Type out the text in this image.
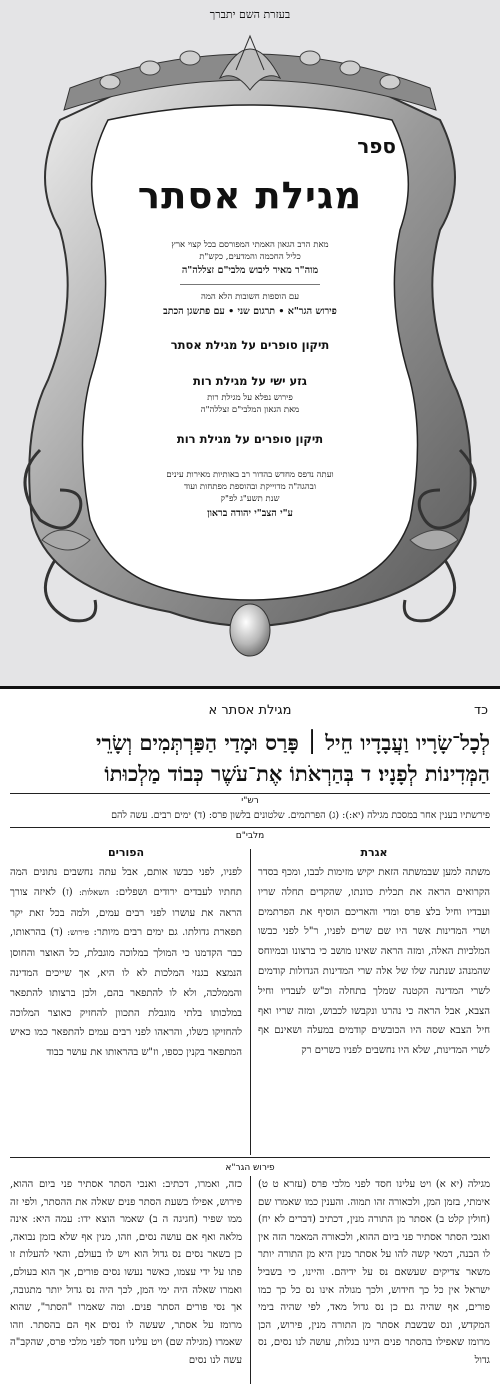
בעזרת השם יתברך
ספר
מגילת אסתר
מאת הרב הגאון האמתי המפורסם בכל קצוי ארץ
כליל החכמה והמדעים, כקש"ת
מוה"ר מאיר ליבוש מלבי"ם זצללה"ה
עם הוספות חשובות הלא המה
פירוש הגר"א • תרגום שני • עם פתשגן הכתב
תיקון סופרים על מגילת אסתר
גזע ישי על מגילת רות
פירוש נפלא על מגילת רות
מאת הגאון המלבי"ם זצללה"ה
תיקון סופרים על מגילת רות
ועתה נדפס מחדש בהדור רב באותיות מאירות עינים
ובהגה"ה מדוייקת ובהוספת מפתחות ועוד
שנת תשע"ג לפ"ק
ע"י הצב"י יהודה בראון
כד
מגילת אסתר א
לְכָל־שָׂרָיו וַעֲבָדָיו חֵיל ׀ פָּרַס וּמָדַי הַפַּרְתְּמִים וְשָׂרֵי
הַמְּדִינוֹת לְפָנָיו׃ ד בְּהַרְאֹתוֹ אֶת־עֹשֶׁר כְּבוֹד מַלְכוּתוֹ
רש"י
פירשתיו בענין אחר במסכת מגילה (יא:): (ג) הפרתמים. שלטונים בלשון פרס: (ד) ימים רבים. עשה להם
מלבי"ם
אגרת
הפורים
משתה למען שבמשתה הזאת יקיש מזימות לבבו, ומכף בסדר הקרואים הראה את תכלית כוונתו, שהקדים תחלה שריו ועבדיו וחיל בלצ פרס ומדי והאריכם הוסיף את הפרתמים ושרי המדינות אשר היו שם שרים לפניו, ר"ל לפני כבשו המלכיות האלה, ומזה הראה שאינו מושב כי ברצונו ובמיוחס שהמנהג שנתנה שלו של אלה שרי המדינות הגדולות קודמים לשרי המדינה הקטנה שמלך בתחלה וכ"ש לעבדיו וחיל הצבא, אבל הראה כי נהרגו ונקבשו לכבוש, ומזה שריו ואף חיל הצבא שסה היו הכובשים קודמים במעלה ושאינם אף לשרי המדינות, שלא היו נחשבים לפניו כשרים רק
לפניו, לפני כבשו אותם, אבל עתה נחשבים נתונים המה תחתיו לעבדים ירודים ושפלים: השאלות: (ז) לאיזה צורך הראה את עושרו לפני רבים עמים, ולמה בכל זאת יקר תפארת גדולתו. גם ימים רבים מיותר: פירוש: (ד) בהראותו, כבר הקדמנו כי המולך במלוכה מוגבלת, כל האוצר והחוסן הנמצא בגנזי המלכות לא לו היא, אך שייכים המדינה והממלכה, ולא לו להתפאר בהם, ולכן ברצותו להתפאר במלכותו בלתי מוגבלת התכוון להחזיק כאוצר המלוכה להחזיקו כשלו, והראהו לפני רבים עמים להתפאר כמו כאיש המתפאר בקנין כספו, וז"ש בהראותו את עושר כבוד
פירוש הגר"א
מגילה (יא א) ויט עלינו חסד לפני מלכי פרס (עזרא ט ט) אימתי, בזמן המן, ולכאורה זהו תמוה. והענין כמו שאמרו שם (חולין קלט ב) אסתר מן התורה מנין, דכתיב (דברים לא יח) ואנכי הסתר אסתיר פני ביום ההוא, ולכאורה המאמר הזה אין לו הבנה, דמאי קשה להו על אסתר מנין היא מן התורה יותר משאר צדיקים שעשאם נס על ידיהם. והיינו, כי בשביל ישראל אין כל כך חידוש, ולכך מגולה אינו נס כל כך כמו פורים, אף שהיה גם כן נס גדול מאד, לפי שהיה בימי המקדש, ונס שבשבת אסתר מן התורה מנין, פירוש, הכן מרומז שאפילו בהסתר פנים היינו בגלות, עושה לנו נסים, נס גדול
כזה, ואמרו, דכתיב: ואנכי הסתר אסתיר פני ביום ההוא, פירוש, אפילו בשעת הסתר פנים שאלה את ההסתר, ולפי זה ממו שפיר (חגיגה ה ב) שאמר הוצא ידו: עמה היא: אינה מלאה ואף אם עושה נסים, וזהו, מנין אף שלא בזמן נבואה, כן בשאר נסים נס גדול הוא ויש לו בעולם, והאי להעלות זו פתו על ידי עצמו, כאשר נעשו נסים פורים, אך הוא בעולם, ואמרו שאלה היה ימי המן, לכך היה נס גדול יותר מתגובה, אך נסי פורים הסתר פנים. ומה שאמרו "הסתר", שהוא מרומז על אסתר, שעשה לו נסים אף הם בהסתר. וזהו שאמרו (מגילה שם) ויט עלינו חסד לפני מלכי פרס, שהקב"ה עשה לנו נסים
